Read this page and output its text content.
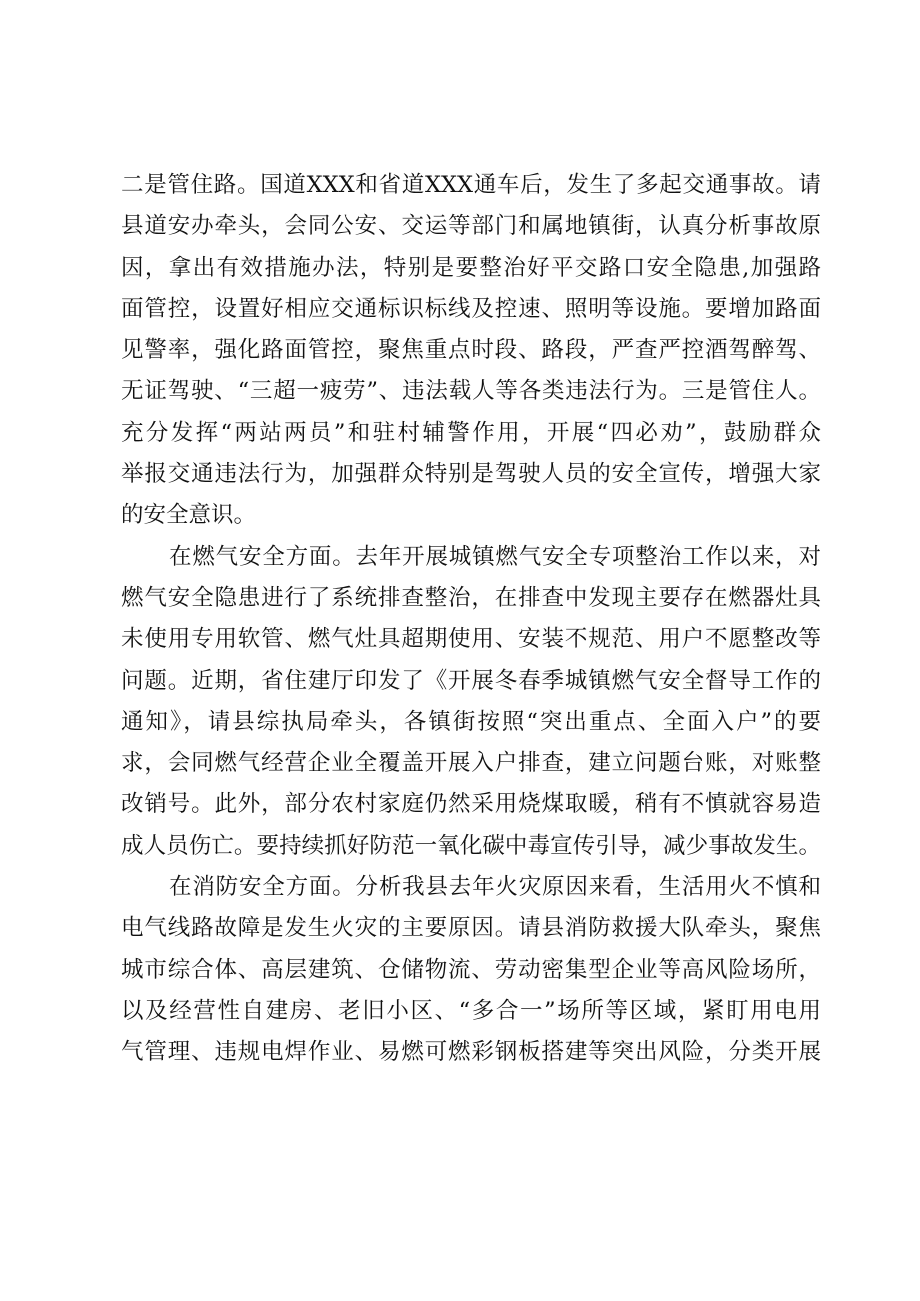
二是管住路。国道XXX和省道XXX通车后，发生了多起交通事故。请
县道安办牵头，会同公安、交运等部门和属地镇街，认真分析事故原
因，拿出有效措施办法，特别是要整治好平交路口安全隐患,加强路
面管控，设置好相应交通标识标线及控速、照明等设施。要增加路面
见警率，强化路面管控，聚焦重点时段、路段，严查严控酒驾醉驾、
无证驾驶、“三超一疲劳”、违法载人等各类违法行为。三是管住人。
充分发挥“两站两员”和驻村辅警作用，开展“四必劝”，鼓励群众
举报交通违法行为，加强群众特别是驾驶人员的安全宣传，增强大家
的安全意识。
在燃气安全方面。去年开展城镇燃气安全专项整治工作以来，对
燃气安全隐患进行了系统排查整治，在排查中发现主要存在燃器灶具
未使用专用软管、燃气灶具超期使用、安装不规范、用户不愿整改等
问题。近期，省住建厅印发了《开展冬春季城镇燃气安全督导工作的
通知》，请县综执局牵头，各镇街按照“突出重点、全面入户”的要
求，会同燃气经营企业全覆盖开展入户排查，建立问题台账，对账整
改销号。此外，部分农村家庭仍然采用烧煤取暖，稍有不慎就容易造
成人员伤亡。要持续抓好防范一氧化碳中毒宣传引导，减少事故发生。
在消防安全方面。分析我县去年火灾原因来看，生活用火不慎和
电气线路故障是发生火灾的主要原因。请县消防救援大队牵头，聚焦
城市综合体、高层建筑、仓储物流、劳动密集型企业等高风险场所，
以及经营性自建房、老旧小区、“多合一”场所等区域，紧盯用电用
气管理、违规电焊作业、易燃可燃彩钢板搭建等突出风险，分类开展
